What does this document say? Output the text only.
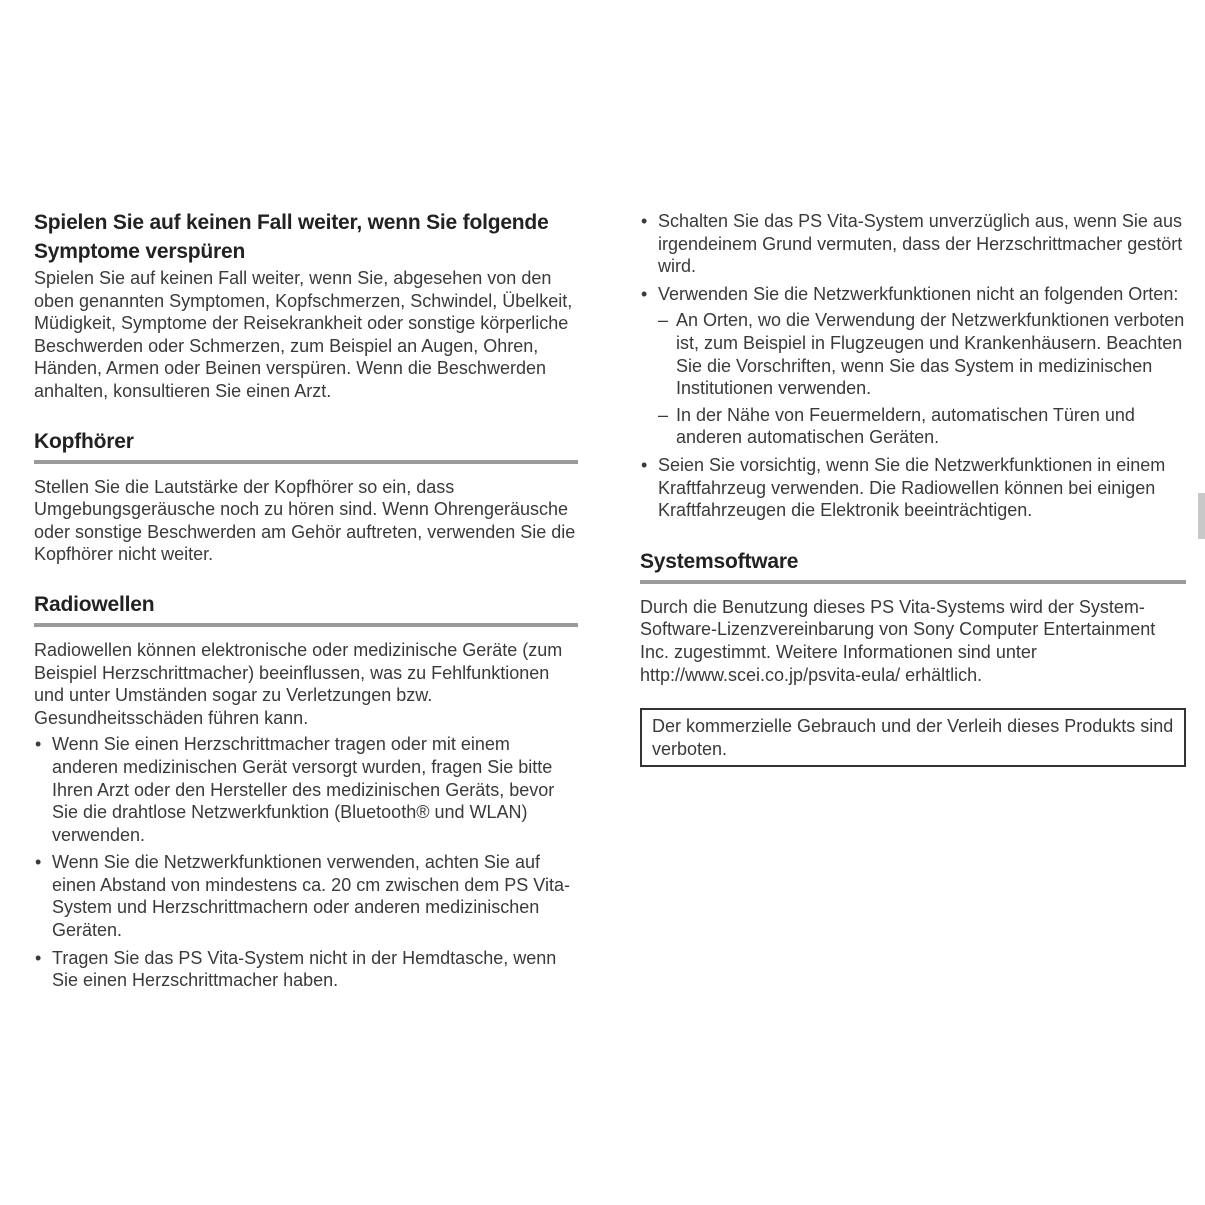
Spielen Sie auf keinen Fall weiter, wenn Sie folgende Symptome verspüren

Spielen Sie auf keinen Fall weiter, wenn Sie, abgesehen von den oben genannten Symptomen, Kopfschmerzen, Schwindel, Übelkeit, Müdigkeit, Symptome der Reisekrankheit oder sonstige körperliche Beschwerden oder Schmerzen, zum Beispiel an Augen, Ohren, Händen, Armen oder Beinen verspüren. Wenn die Beschwerden anhalten, konsultieren Sie einen Arzt.

Kopfhörer

Stellen Sie die Lautstärke der Kopfhörer so ein, dass Umgebungsgeräusche noch zu hören sind. Wenn Ohrengeräusche oder sonstige Beschwerden am Gehör auftreten, verwenden Sie die Kopfhörer nicht weiter.

Radiowellen

Radiowellen können elektronische oder medizinische Geräte (zum Beispiel Herzschrittmacher) beeinflussen, was zu Fehlfunktionen und unter Umständen sogar zu Verletzungen bzw. Gesundheitsschäden führen kann.

• Wenn Sie einen Herzschrittmacher tragen oder mit einem anderen medizinischen Gerät versorgt wurden, fragen Sie bitte Ihren Arzt oder den Hersteller des medizinischen Geräts, bevor Sie die drahtlose Netzwerkfunktion (Bluetooth® und WLAN) verwenden.
• Wenn Sie die Netzwerkfunktionen verwenden, achten Sie auf einen Abstand von mindestens ca. 20 cm zwischen dem PS Vita-System und Herzschrittmachern oder anderen medizinischen Geräten.
• Tragen Sie das PS Vita-System nicht in der Hemdtasche, wenn Sie einen Herzschrittmacher haben.
• Schalten Sie das PS Vita-System unverzüglich aus, wenn Sie aus irgendeinem Grund vermuten, dass der Herzschrittmacher gestört wird.
• Verwenden Sie die Netzwerkfunktionen nicht an folgenden Orten:
– An Orten, wo die Verwendung der Netzwerkfunktionen verboten ist, zum Beispiel in Flugzeugen und Krankenhäusern. Beachten Sie die Vorschriften, wenn Sie das System in medizinischen Institutionen verwenden.
– In der Nähe von Feuermeldern, automatischen Türen und anderen automatischen Geräten.
• Seien Sie vorsichtig, wenn Sie die Netzwerkfunktionen in einem Kraftfahrzeug verwenden. Die Radiowellen können bei einigen Kraftfahrzeugen die Elektronik beeinträchtigen.
Systemsoftware

Durch die Benutzung dieses PS Vita-Systems wird der System-Software-Lizenzvereinbarung von Sony Computer Entertainment Inc. zugestimmt. Weitere Informationen sind unter http://www.scei.co.jp/psvita-eula/ erhältlich.

Der kommerzielle Gebrauch und der Verleih dieses Produkts sind verboten.
